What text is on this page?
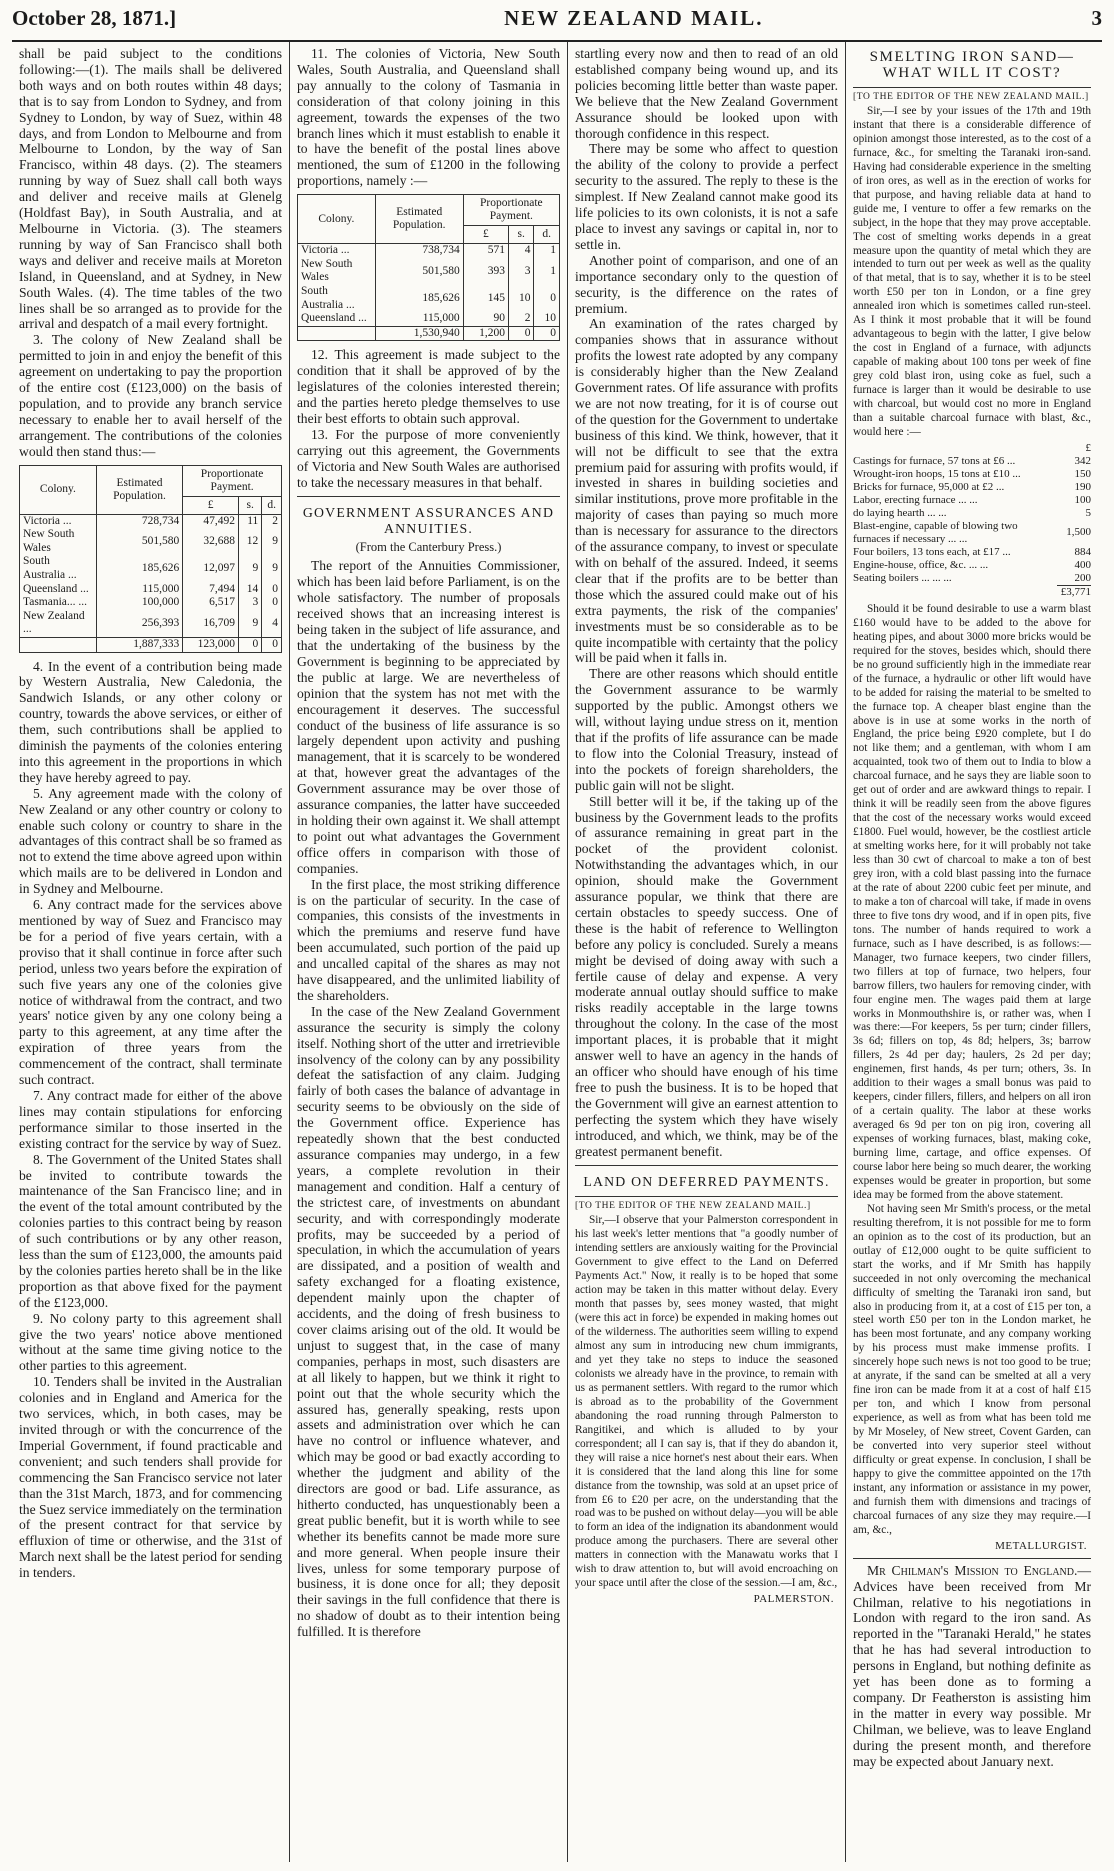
October 28, 1871.]	NEW ZEALAND MAIL.	3

shall be paid subject to the conditions following:—(1). The mails shall be delivered both ways and on both routes within 48 days; that is to say from London to Sydney, and from Sydney to London, by way of Suez, within 48 days, and from London to Melbourne and from Melbourne to London, by the way of San Francisco, within 48 days. (2). The steamers running by way of Suez shall call both ways and deliver and receive mails at Glenelg (Holdfast Bay), in South Australia, and at Melbourne in Victoria. (3). The steamers running by way of San Francisco shall both ways and deliver and receive mails at Moreton Island, in Queensland, and at Sydney, in New South Wales. (4). The time tables of the two lines shall be so arranged as to provide for the arrival and despatch of a mail every fortnight.

3. The colony of New Zealand shall be permitted to join in and enjoy the benefit of this agreement on undertaking to pay the proportion of the entire cost (£123,000) on the basis of population, and to provide any branch service necessary to enable her to avail herself of the arrangement. The contributions of the colonies would then stand thus:—

Colony.	Estimated Population.	Proportionate Payment.		
		£	s.	d.
Victoria ...	728,734	47,492	11	2
New South Wales	501,580	32,688	12	9
South Australia ...	185,626	12,097	9	9
Queensland ...	115,000	7,494	14	0
Tasmania... ...	100,000	6,517	3	0
New Zealand ...	256,393	16,709	9	4
	1,887,333	123,000	0	0

4. In the event of a contribution being made by Western Australia, New Caledonia, the Sandwich Islands, or any other colony or country, towards the above services, or either of them, such contributions shall be applied to diminish the payments of the colonies entering into this agreement in the proportions in which they have hereby agreed to pay.

5. Any agreement made with the colony of New Zealand or any other country or colony to enable such colony or country to share in the advantages of this contract shall be so framed as not to extend the time above agreed upon within which mails are to be delivered in London and in Sydney and Melbourne.

6. Any contract made for the services above mentioned by way of Suez and Francisco may be for a period of five years certain, with a proviso that it shall continue in force after such period, unless two years before the expiration of such five years any one of the colonies give notice of withdrawal from the contract, and two years' notice given by any one colony being a party to this agreement, at any time after the expiration of three years from the commencement of the contract, shall terminate such contract.

7. Any contract made for either of the above lines may contain stipulations for enforcing performance similar to those inserted in the existing contract for the service by way of Suez.

8. The Government of the United States shall be invited to contribute towards the maintenance of the San Francisco line; and in the event of the total amount contributed by the colonies parties to this contract being by reason of such contributions or by any other reason, less than the sum of £123,000, the amounts paid by the colonies parties hereto shall be in the like proportion as that above fixed for the payment of the £123,000.

9. No colony party to this agreement shall give the two years' notice above mentioned without at the same time giving notice to the other parties to this agreement.

10. Tenders shall be invited in the Australian colonies and in England and America for the two services, which, in both cases, may be invited through or with the concurrence of the Imperial Government, if found practicable and convenient; and such tenders shall provide for commencing the San Francisco service not later than the 31st March, 1873, and for commencing the Suez service immediately on the termination of the present contract for that service by effluxion of time or otherwise, and the 31st of March next shall be the latest period for sending in tenders.

11. The colonies of Victoria, New South Wales, South Australia, and Queensland shall pay annually to the colony of Tasmania in consideration of that colony joining in this agreement, towards the expenses of the two branch lines which it must establish to enable it to have the benefit of the postal lines above mentioned, the sum of £1200 in the following proportions, namely :—

Colony.	Estimated Population.	Proportionate Payment.		
		£	s.	d.
Victoria ...	738,734	571	4	1
New South Wales	501,580	393	3	1
South Australia ...	185,626	145	10	0
Queensland ...	115,000	90	2	10
	1,530,940	1,200	0	0

12. This agreement is made subject to the condition that it shall be approved of by the legislatures of the colonies interested therein; and the parties hereto pledge themselves to use their best efforts to obtain such approval.

13. For the purpose of more conveniently carrying out this agreement, the Governments of Victoria and New South Wales are authorised to take the necessary measures in that behalf.

GOVERNMENT ASSURANCES AND ANNUITIES.
(From the Canterbury Press.)

The report of the Annuities Commissioner, which has been laid before Parliament, is on the whole satisfactory. The number of proposals received shows that an increasing interest is being taken in the subject of life assurance, and that the undertaking of the business by the Government is beginning to be appreciated by the public at large. We are nevertheless of opinion that the system has not met with the encouragement it deserves. The successful conduct of the business of life assurance is so largely dependent upon activity and pushing management, that it is scarcely to be wondered at that, however great the advantages of the Government assurance may be over those of assurance companies, the latter have succeeded in holding their own against it. We shall attempt to point out what advantages the Government office offers in comparison with those of companies.

In the first place, the most striking difference is on the particular of security. In the case of companies, this consists of the investments in which the premiums and reserve fund have been accumulated, such portion of the paid up and uncalled capital of the shares as may not have disappeared, and the unlimited liability of the shareholders.

In the case of the New Zealand Government assurance the security is simply the colony itself. Nothing short of the utter and irretrievible insolvency of the colony can by any possibility defeat the satisfaction of any claim. Judging fairly of both cases the balance of advantage in security seems to be obviously on the side of the Government office. Experience has repeatedly shown that the best conducted assurance companies may undergo, in a few years, a complete revolution in their management and condition. Half a century of the strictest care, of investments on abundant security, and with correspondingly moderate profits, may be succeeded by a period of speculation, in which the accumulation of years are dissipated, and a position of wealth and safety exchanged for a floating existence, dependent mainly upon the chapter of accidents, and the doing of fresh business to cover claims arising out of the old. It would be unjust to suggest that, in the case of many companies, perhaps in most, such disasters are at all likely to happen, but we think it right to point out that the whole security which the assured has, generally speaking, rests upon assets and administration over which he can have no control or influence whatever, and which may be good or bad exactly according to whether the judgment and ability of the directors are good or bad. Life assurance, as hitherto conducted, has unquestionably been a great public benefit, but it is worth while to see whether its benefits cannot be made more sure and more general. When people insure their lives, unless for some temporary purpose of business, it is done once for all; they deposit their savings in the full confidence that there is no shadow of doubt as to their intention being fulfilled. It is therefore

startling every now and then to read of an old established company being wound up, and its policies becoming little better than waste paper. We believe that the New Zealand Government Assurance should be looked upon with thorough confidence in this respect.

There may be some who affect to question the ability of the colony to provide a perfect security to the assured. The reply to these is the simplest. If New Zealand cannot make good its life policies to its own colonists, it is not a safe place to invest any savings or capital in, nor to settle in.

Another point of comparison, and one of an importance secondary only to the question of security, is the difference on the rates of premium.

An examination of the rates charged by companies shows that in assurance without profits the lowest rate adopted by any company is considerably higher than the New Zealand Government rates. Of life assurance with profits we are not now treating, for it is of course out of the question for the Government to undertake business of this kind. We think, however, that it will not be difficult to see that the extra premium paid for assuring with profits would, if invested in shares in building societies and similar institutions, prove more profitable in the majority of cases than paying so much more than is necessary for assurance to the directors of the assurance company, to invest or speculate with on behalf of the assured. Indeed, it seems clear that if the profits are to be better than those which the assured could make out of his extra payments, the risk of the companies' investments must be so considerable as to be quite incompatible with certainty that the policy will be paid when it falls in.

There are other reasons which should entitle the Government assurance to be warmly supported by the public. Amongst others we will, without laying undue stress on it, mention that if the profits of life assurance can be made to flow into the Colonial Treasury, instead of into the pockets of foreign shareholders, the public gain will not be slight.

Still better will it be, if the taking up of the business by the Government leads to the profits of assurance remaining in great part in the pocket of the provident colonist. Notwithstanding the advantages which, in our opinion, should make the Government assurance popular, we think that there are certain obstacles to speedy success. One of these is the habit of reference to Wellington before any policy is concluded. Surely a means might be devised of doing away with such a fertile cause of delay and expense. A very moderate annual outlay should suffice to make risks readily acceptable in the large towns throughout the colony. In the case of the most important places, it is probable that it might answer well to have an agency in the hands of an officer who should have enough of his time free to push the business. It is to be hoped that the Government will give an earnest attention to perfecting the system which they have wisely introduced, and which, we think, may be of the greatest permanent benefit.

LAND ON DEFERRED PAYMENTS.
[TO THE EDITOR OF THE NEW ZEALAND MAIL.]

Sir,—I observe that your Palmerston correspondent in his last week's letter mentions that "a goodly number of intending settlers are anxiously waiting for the Provincial Government to give effect to the Land on Deferred Payments Act." Now, it really is to be hoped that some action may be taken in this matter without delay. Every month that passes by, sees money wasted, that might (were this act in force) be expended in making homes out of the wilderness. The authorities seem willing to expend almost any sum in introducing new chum immigrants, and yet they take no steps to induce the seasoned colonists we already have in the province, to remain with us as permanent settlers. With regard to the rumor which is abroad as to the probability of the Government abandoning the road running through Palmerston to Rangitikei, and which is alluded to by your correspondent; all I can say is, that if they do abandon it, they will raise a nice hornet's nest about their ears. When it is considered that the land along this line for some distance from the township, was sold at an upset price of from £6 to £20 per acre, on the understanding that the road was to be pushed on without delay—you will be able to form an idea of the indignation its abandonment would produce among the purchasers. There are several other matters in connection with the Manawatu works that I wish to draw attention to, but will avoid encroaching on your space until after the close of the session.—I am, &c.,

PALMERSTON.
SMELTING IRON SAND—WHAT WILL IT COST?
[TO THE EDITOR OF THE NEW ZEALAND MAIL.]

Sir,—I see by your issues of the 17th and 19th instant that there is a considerable difference of opinion amongst those interested, as to the cost of a furnace, &c., for smelting the Taranaki iron-sand. Having had considerable experience in the smelting of iron ores, as well as in the erection of works for that purpose, and having reliable data at hand to guide me, I venture to offer a few remarks on the subject, in the hope that they may prove acceptable. The cost of smelting works depends in a great measure upon the quantity of metal which they are intended to turn out per week as well as the quality of that metal, that is to say, whether it is to be steel worth £50 per ton in London, or a fine grey annealed iron which is sometimes called run-steel. As I think it most probable that it will be found advantageous to begin with the latter, I give below the cost in England of a furnace, with adjuncts capable of making about 100 tons per week of fine grey cold blast iron, using coke as fuel, such a furnace is larger than it would be desirable to use with charcoal, but would cost no more in England than a suitable charcoal furnace with blast, &c., would here :—

	£
Castings for furnace, 57 tons at £6 ...	342
Wrought-iron hoops, 15 tons at £10 ...	150
Bricks for furnace, 95,000 at £2 ...	190
Labor, erecting furnace ... ...	100
do laying hearth ... ...	5
Blast-engine, capable of blowing two furnaces if necessary ... ...	1,500
Four boilers, 13 tons each, at £17 ...	884
Engine-house, office, &c. ... ...	400
Seating boilers ... ... ...	200
	£3,771

Should it be found desirable to use a warm blast £160 would have to be added to the above for heating pipes, and about 3000 more bricks would be required for the stoves, besides which, should there be no ground sufficiently high in the immediate rear of the furnace, a hydraulic or other lift would have to be added for raising the material to be smelted to the furnace top. A cheaper blast engine than the above is in use at some works in the north of England, the price being £920 complete, but I do not like them; and a gentleman, with whom I am acquainted, took two of them out to India to blow a charcoal furnace, and he says they are liable soon to get out of order and are awkward things to repair. I think it will be readily seen from the above figures that the cost of the necessary works would exceed £1800. Fuel would, however, be the costliest article at smelting works here, for it will probably not take less than 30 cwt of charcoal to make a ton of best grey iron, with a cold blast passing into the furnace at the rate of about 2200 cubic feet per minute, and to make a ton of charcoal will take, if made in ovens three to five tons dry wood, and if in open pits, five tons. The number of hands required to work a furnace, such as I have described, is as follows:—Manager, two furnace keepers, two cinder fillers, two fillers at top of furnace, two helpers, four barrow fillers, two haulers for removing cinder, with four engine men. The wages paid them at large works in Monmouthshire is, or rather was, when I was there:—For keepers, 5s per turn; cinder fillers, 3s 6d; fillers on top, 4s 8d; helpers, 3s; barrow fillers, 2s 4d per day; haulers, 2s 2d per day; enginemen, first hands, 4s per turn; others, 3s. In addition to their wages a small bonus was paid to keepers, cinder fillers, fillers, and helpers on all iron of a certain quality. The labor at these works averaged 6s 9d per ton on pig iron, covering all expenses of working furnaces, blast, making coke, burning lime, cartage, and office expenses. Of course labor here being so much dearer, the working expenses would be greater in proportion, but some idea may be formed from the above statement.

Not having seen Mr Smith's process, or the metal resulting therefrom, it is not possible for me to form an opinion as to the cost of its production, but an outlay of £12,000 ought to be quite sufficient to start the works, and if Mr Smith has happily succeeded in not only overcoming the mechanical difficulty of smelting the Taranaki iron sand, but also in producing from it, at a cost of £15 per ton, a steel worth £50 per ton in the London market, he has been most fortunate, and any company working by his process must make immense profits. I sincerely hope such news is not too good to be true; at anyrate, if the sand can be smelted at all a very fine iron can be made from it at a cost of half £15 per ton, and which I know from personal experience, as well as from what has been told me by Mr Moseley, of New street, Covent Garden, can be converted into very superior steel without difficulty or great expense. In conclusion, I shall be happy to give the committee appointed on the 17th instant, any information or assistance in my power, and furnish them with dimensions and tracings of charcoal furnaces of any size they may require.—I am, &c.,

METALLURGIST.

Mr Chilman's Mission to England.—Advices have been received from Mr Chilman, relative to his negotiations in London with regard to the iron sand. As reported in the "Taranaki Herald," he states that he has had several introduction to persons in England, but nothing definite as yet has been done as to forming a company. Dr Featherston is assisting him in the matter in every way possible. Mr Chilman, we believe, was to leave England during the present month, and therefore may be expected about January next.
